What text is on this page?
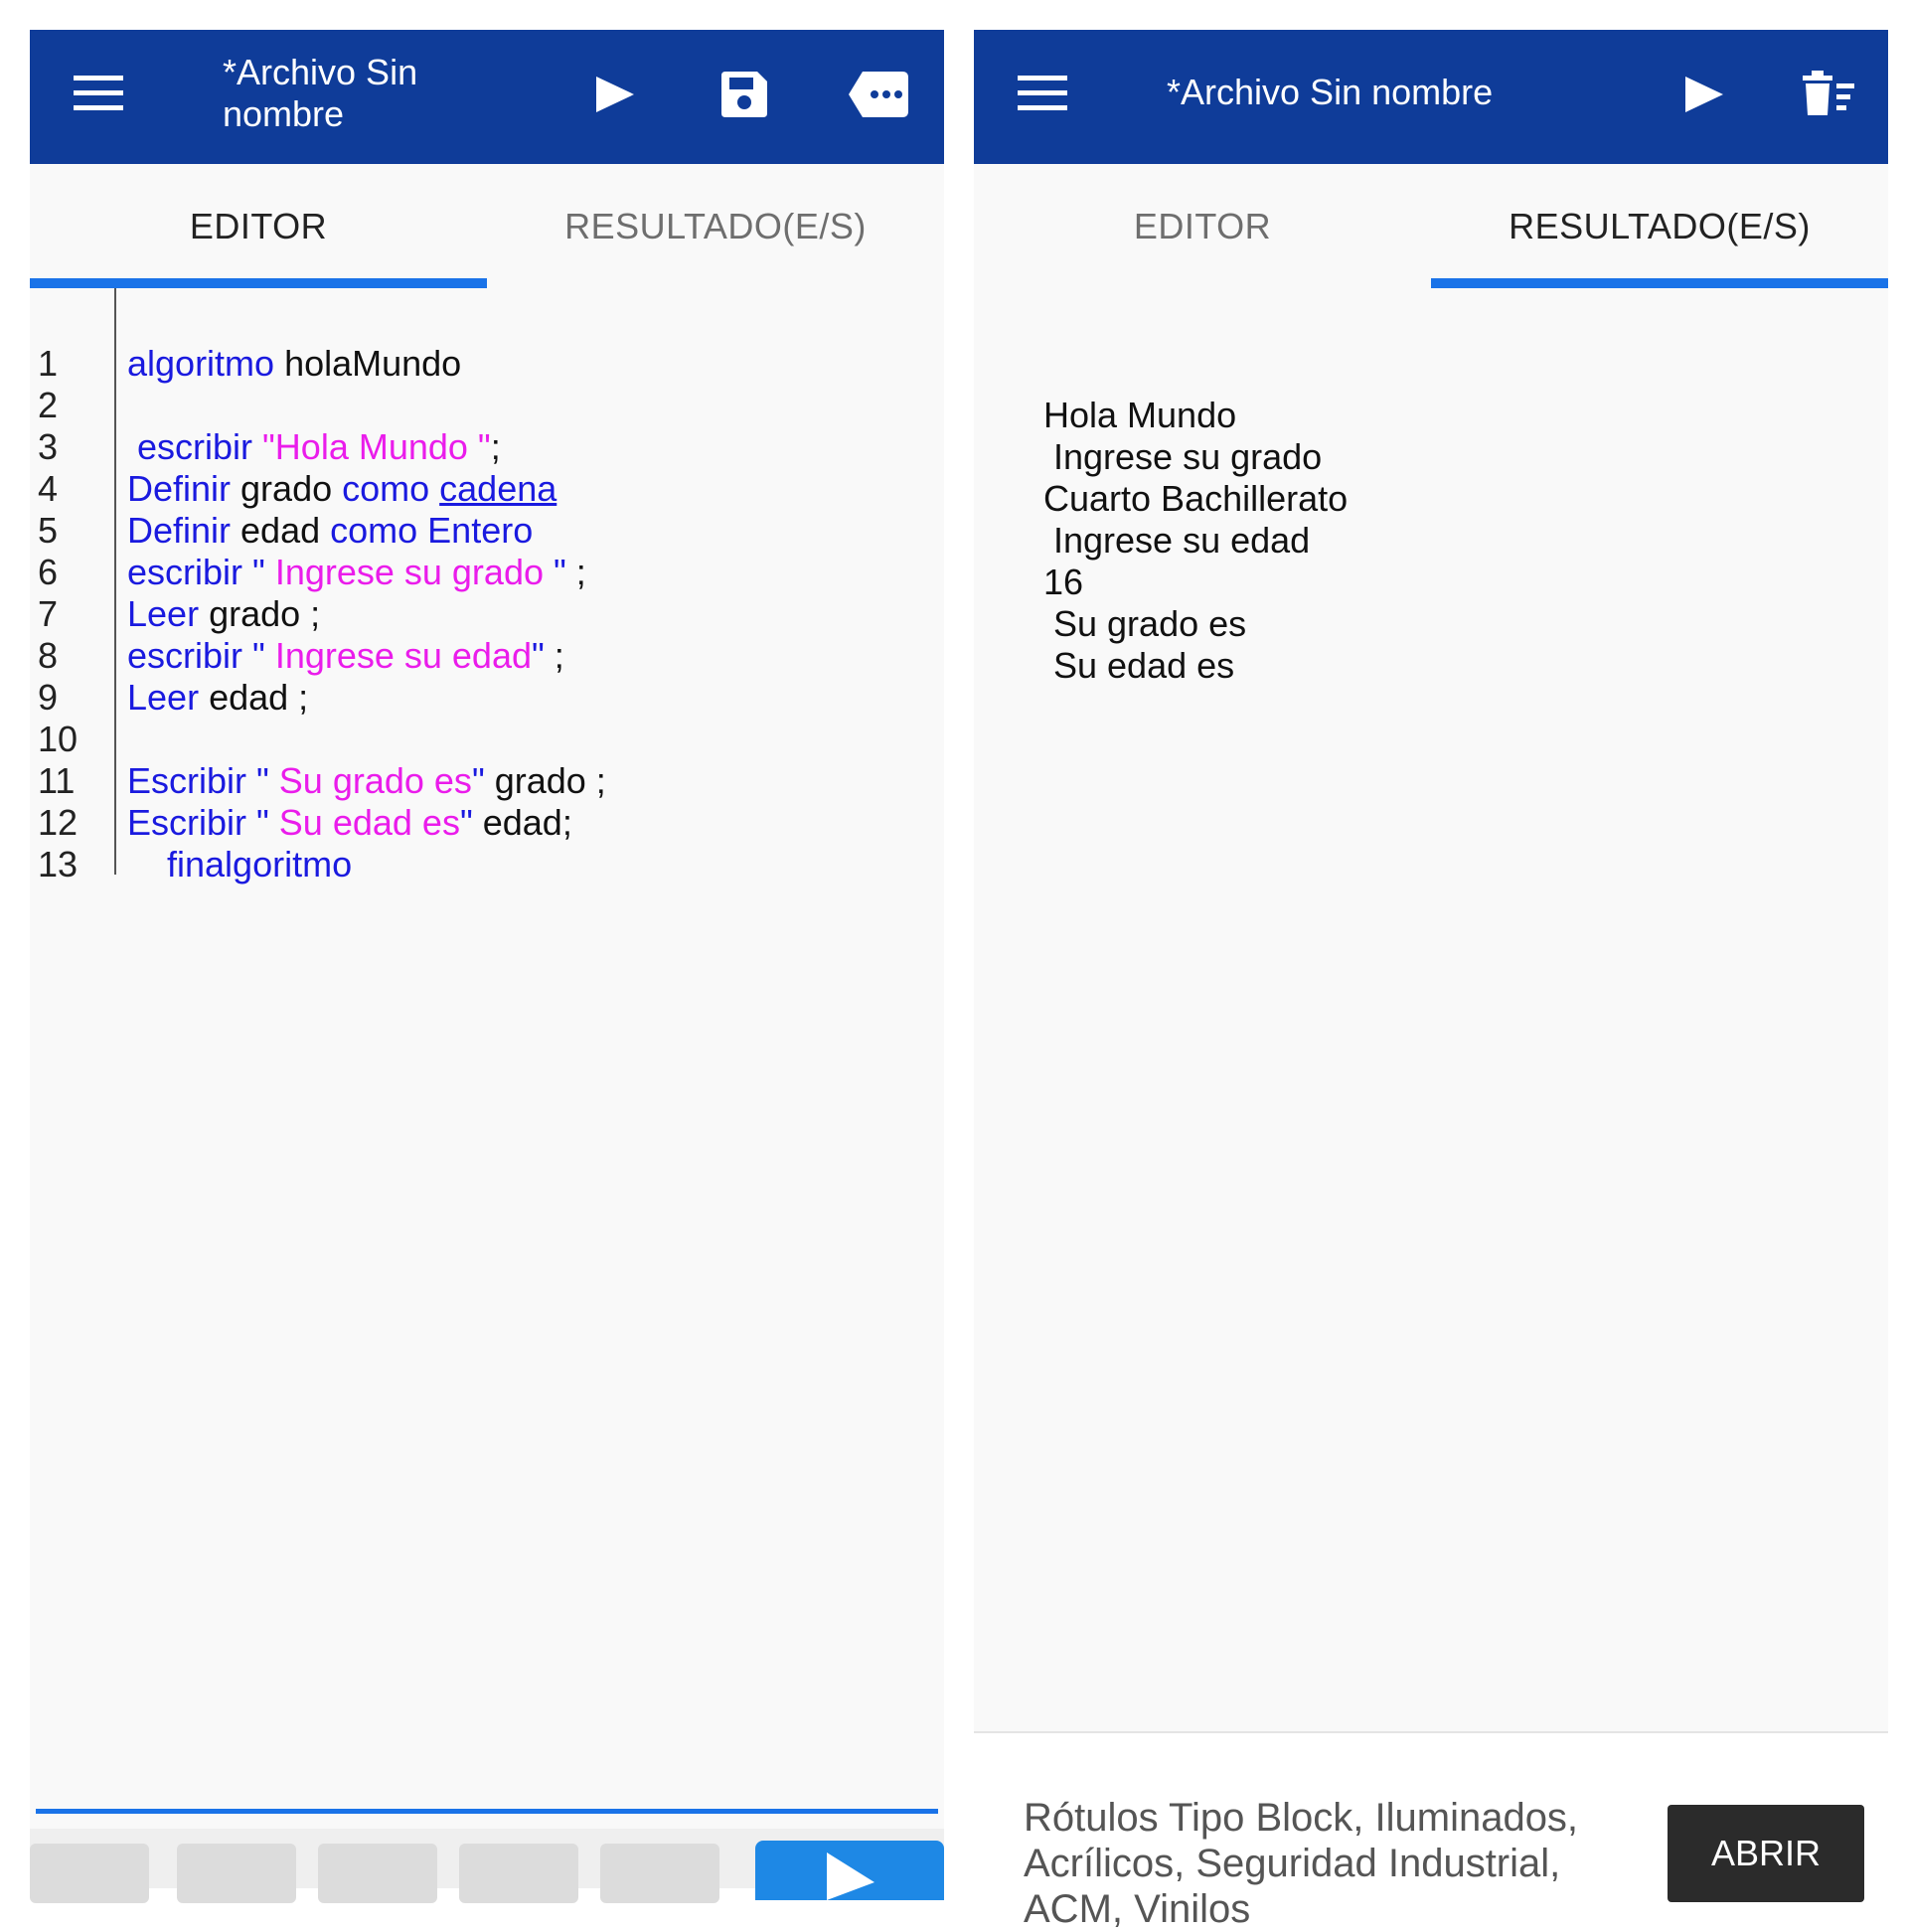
*Archivo Sin
nombre
EDITOR	RESULTADO(E/S)
1 algoritmo holaMundo
2
3 escribir "Hola Mundo ";
4 Definir grado como cadena
5 Definir edad como Entero
6 escribir " Ingrese su grado " ;
7 Leer grado ;
8 escribir " Ingrese su edad" ;
9 Leer edad ;
10
11 Escribir " Su grado es" grado ;
12 Escribir " Su edad es" edad;
13 finalgoritmo
*Archivo Sin nombre
EDITOR	RESULTADO(E/S)
Hola Mundo
Ingrese su grado
Cuarto Bachillerato
Ingrese su edad
16
Su grado es
Su edad es
Rótulos Tipo Block, Iluminados, Acrílicos, Seguridad Industrial, ACM, Vinilos
ABRIR
